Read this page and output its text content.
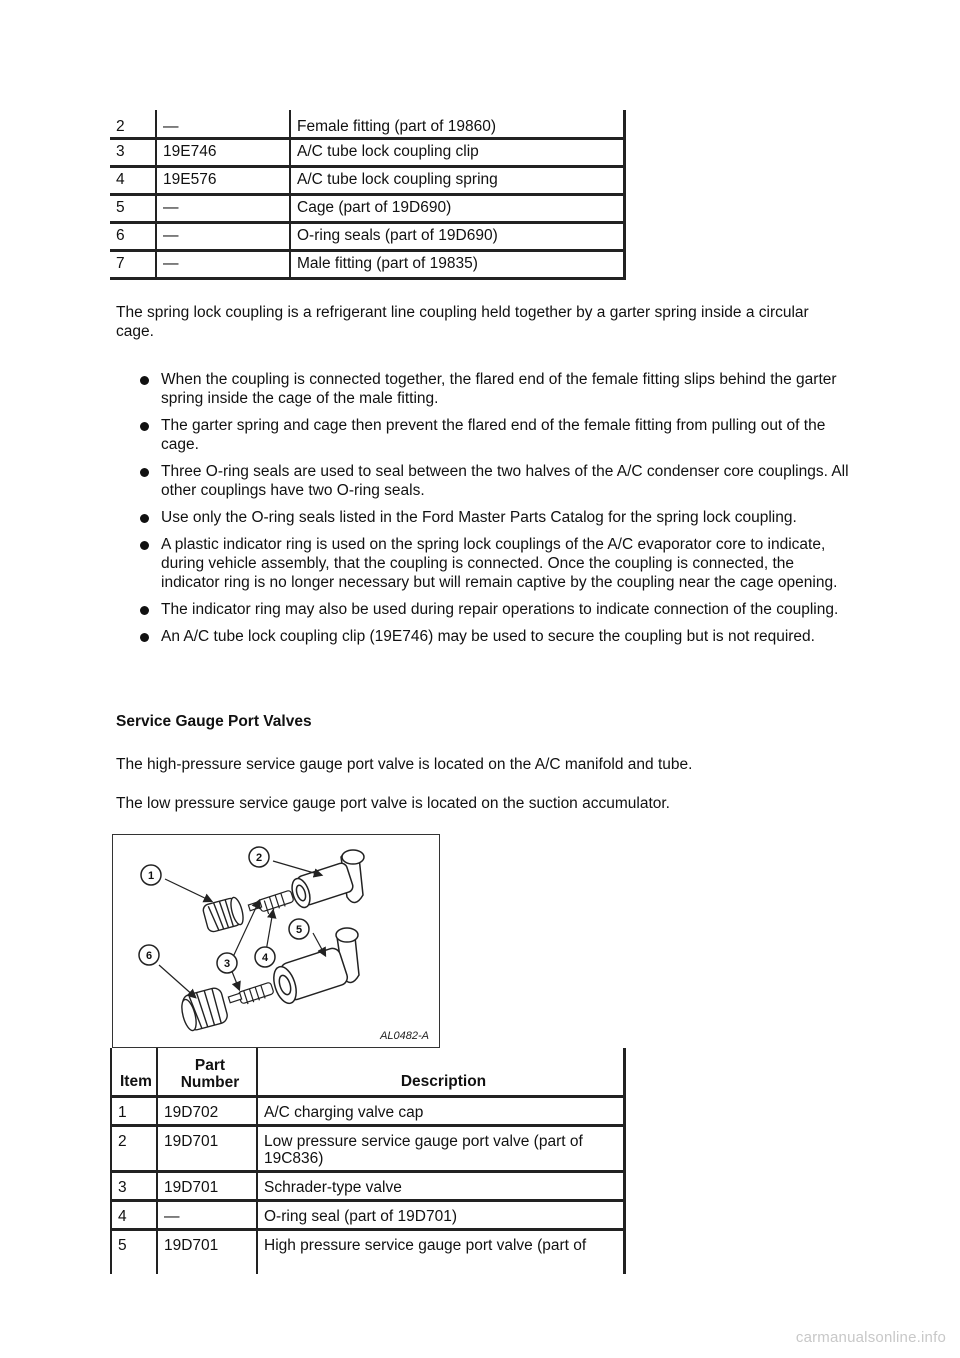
2	—	Female fitting (part of 19860)
3	19E746	A/C tube lock coupling clip
4	19E576	A/C tube lock coupling spring
5	—	Cage (part of 19D690)
6	—	O-ring seals (part of 19D690)
7	—	Male fitting (part of 19835)

The spring lock coupling is a refrigerant line coupling held together by a garter spring inside a circular cage.

When the coupling is connected together, the flared end of the female fitting slips behind the garter spring inside the cage of the male fitting.
The garter spring and cage then prevent the flared end of the female fitting from pulling out of the cage.
Three O-ring seals are used to seal between the two halves of the A/C condenser core couplings. All other couplings have two O-ring seals.
Use only the O-ring seals listed in the Ford Master Parts Catalog for the spring lock coupling.
A plastic indicator ring is used on the spring lock couplings of the A/C evaporator core to indicate, during vehicle assembly, that the coupling is connected. Once the coupling is connected, the indicator ring is no longer necessary but will remain captive by the coupling near the cage opening.
The indicator ring may also be used during repair operations to indicate connection of the coupling.
An A/C tube lock coupling clip (19E746) may be used to secure the coupling but is not required.
Service Gauge Port Valves

The high-pressure service gauge port valve is located on the A/C manifold and tube.

The low pressure service gauge port valve is located on the suction accumulator.

1
2
3	4
5
6
AL0482-A
Item	Part Number	Description
1	19D702	A/C charging valve cap
2	19D701	Low pressure service gauge port valve (part of 19C836)
3	19D701	Schrader-type valve
4	—	O-ring seal (part of 19D701)
5	19D701	High pressure service gauge port valve (part of
carmanualsonline.info
